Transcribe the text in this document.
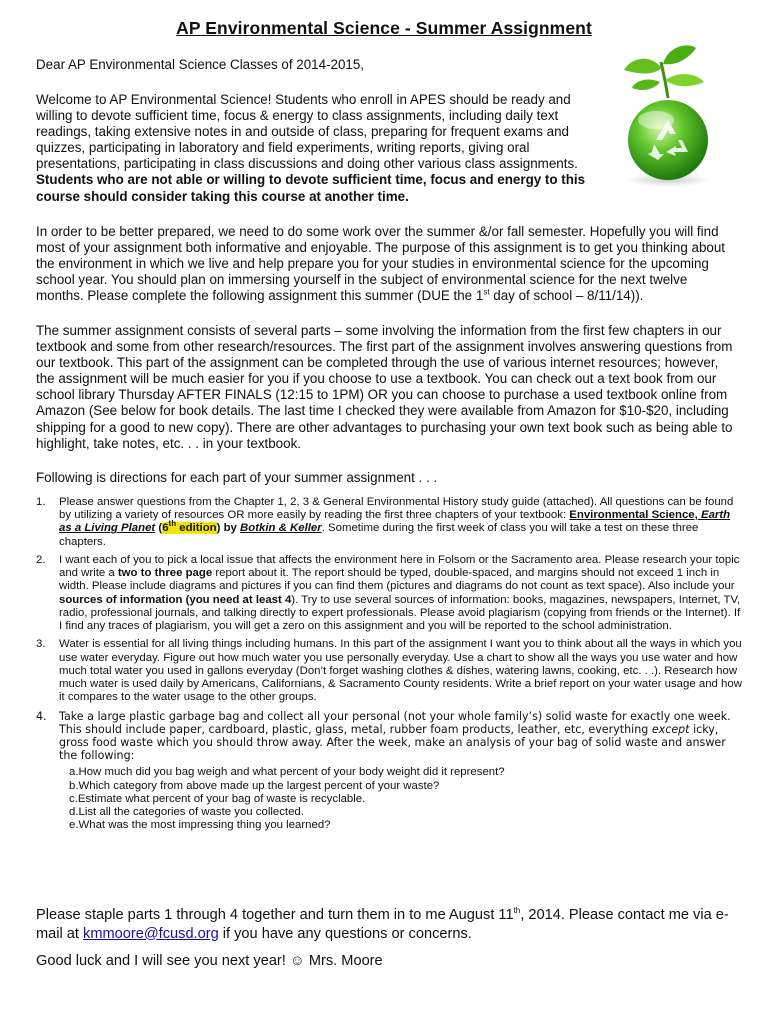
AP Environmental Science - Summer Assignment
Dear AP Environmental Science Classes of 2014-2015,
Welcome to AP Environmental Science! Students who enroll in APES should be ready and willing to devote sufficient time, focus & energy to class assignments, including daily text readings, taking extensive notes in and outside of class, preparing for frequent exams and quizzes, participating in laboratory and field experiments, writing reports, giving oral presentations, participating in class discussions and doing other various class assignments.
Students who are not able or willing to devote sufficient time, focus and energy to this course should consider taking this course at another time.
In order to be better prepared, we need to do some work over the summer &/or fall semester. Hopefully you will find most of your assignment both informative and enjoyable. The purpose of this assignment is to get you thinking about the environment in which we live and help prepare you for your studies in environmental science for the upcoming school year. You should plan on immersing yourself in the subject of environmental science for the next twelve months. Please complete the following assignment this summer (DUE the 1st day of school – 8/11/14)).
The summer assignment consists of several parts – some involving the information from the first few chapters in our textbook and some from other research/resources. The first part of the assignment involves answering questions from our textbook. This part of the assignment can be completed through the use of various internet resources; however, the assignment will be much easier for you if you choose to use a textbook. You can check out a text book from our school library Thursday AFTER FINALS (12:15 to 1PM) OR you can choose to purchase a used textbook online from Amazon (See below for book details. The last time I checked they were available from Amazon for $10-$20, including shipping for a good to new copy). There are other advantages to purchasing your own text book such as being able to highlight, take notes, etc. . . in your textbook.
Following is directions for each part of your summer assignment . . .
1. Please answer questions from the Chapter 1, 2, 3 & General Environmental History study guide (attached). All questions can be found by utilizing a variety of resources OR more easily by reading the first three chapters of your textbook: Environmental Science, Earth as a Living Planet (6th edition) by Botkin & Keller. Sometime during the first week of class you will take a test on these three chapters.
2. I want each of you to pick a local issue that affects the environment here in Folsom or the Sacramento area. Please research your topic and write a two to three page report about it. The report should be typed, double-spaced, and margins should not exceed 1 inch in width. Please include diagrams and pictures if you can find them (pictures and diagrams do not count as text space). Also include your sources of information (you need at least 4). Try to use several sources of information: books, magazines, newspapers, Internet, TV, radio, professional journals, and talking directly to expert professionals. Please avoid plagiarism (copying from friends or the Internet). If I find any traces of plagiarism, you will get a zero on this assignment and you will be reported to the school administration.
3. Water is essential for all living things including humans. In this part of the assignment I want you to think about all the ways in which you use water everyday. Figure out how much water you use personally everyday. Use a chart to show all the ways you use water and how much total water you used in gallons everyday (Don’t forget washing clothes & dishes, watering lawns, cooking, etc. . .). Research how much water is used daily by Americans, Californians, & Sacramento County residents. Write a brief report on your water usage and how it compares to the water usage to the other groups.
4. Take a large plastic garbage bag and collect all your personal (not your whole family’s) solid waste for exactly one week. This should include paper, cardboard, plastic, glass, metal, rubber foam products, leather, etc, everything except icky, gross food waste which you should throw away. After the week, make an analysis of your bag of solid waste and answer the following:
a.How much did you bag weigh and what percent of your body weight did it represent?
b.Which category from above made up the largest percent of your waste?
c.Estimate what percent of your bag of waste is recyclable.
d.List all the categories of waste you collected.
e.What was the most impressing thing you learned?
Please staple parts 1 through 4 together and turn them in to me August 11th, 2014. Please contact me via e-mail at kmmoore@fcusd.org if you have any questions or concerns.
Good luck and I will see you next year! ☺ Mrs. Moore
